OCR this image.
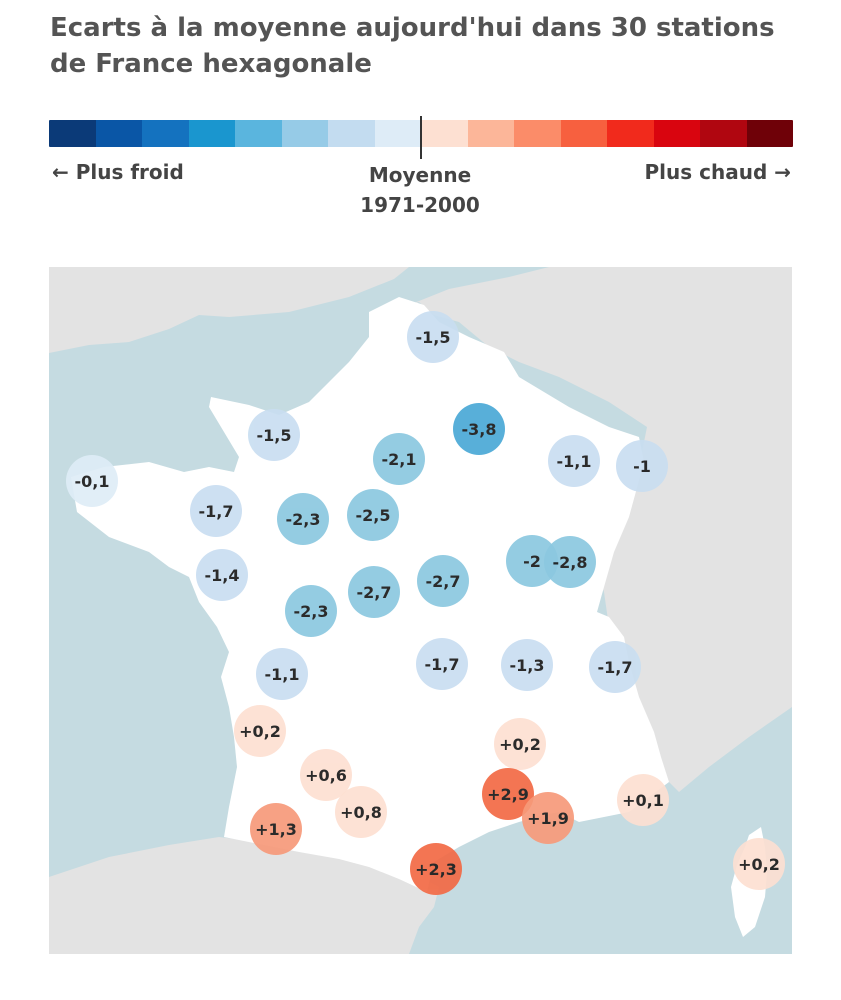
Ecarts à la moyenne aujourd'hui dans 30 stations de France hexagonale
← Plus froid	Moyenne
1971-2000
Plus chaud →
-1,5
-1,5	-3,8
-2,1	-1,1	-1
-0,1
-1,7	-2,3	-2,5
-1,4
-2 -2,8
-2,7
-2,7
-2,3
-1,1
-1,7	-1,3	-1,7
+0,2
+0,2
+0,6
+2,9
+0,8	+1,9
+0,1
+1,3
+2,3	+0,2
